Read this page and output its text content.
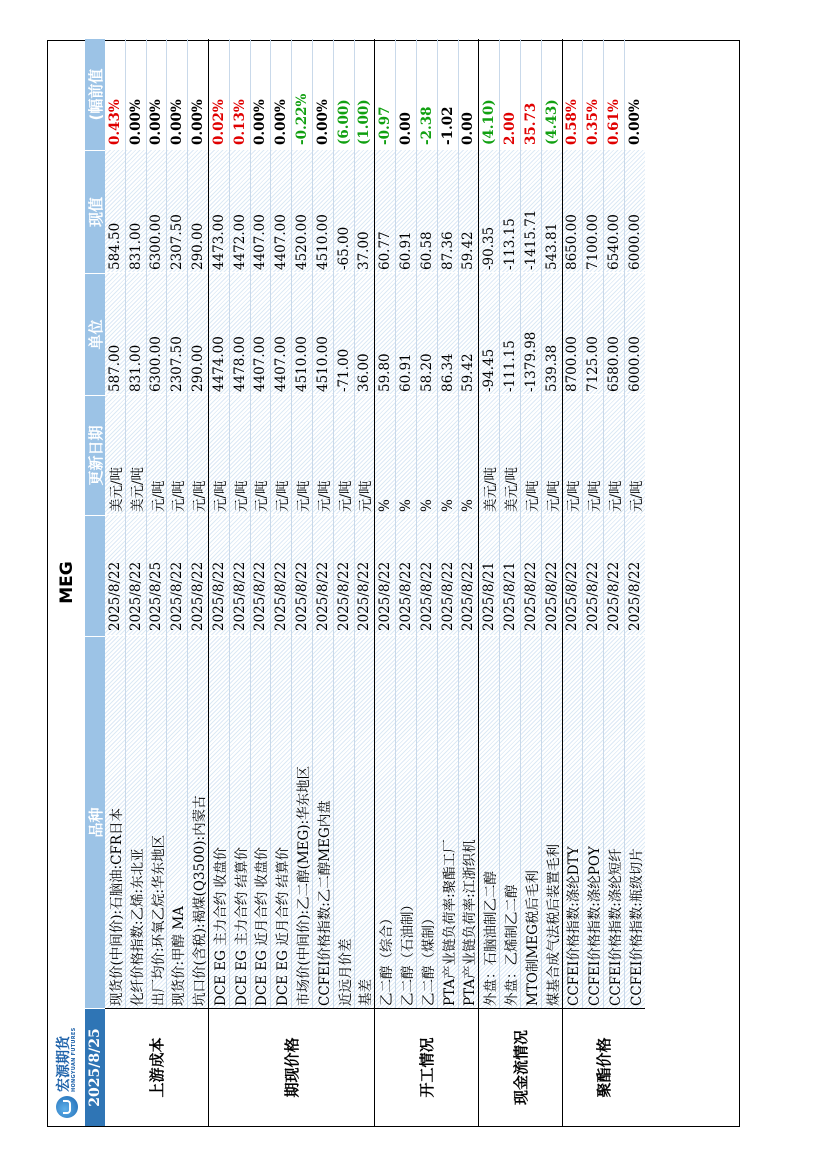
宏源期货 HONGYUAN FUTURES
MEG
2025/8/25
品种
更新日期
单位
现值
(幅前值
上游成本
现货价(中间价):石脑油:CFR日本
2025/8/22
美元/吨
587.00
584.50
0.43%
化纤价格指数:乙烯:东北亚
2025/8/22
美元/吨
831.00
831.00
0.00%
出厂均价:环氧乙烷:华东地区
2025/8/25
元/吨
6300.00
6300.00
0.00%
现货价:甲醇 MA
2025/8/22
元/吨
2307.50
2307.50
0.00%
坑口价(含税):褐煤(Q3500):内蒙古
2025/8/22
元/吨
290.00
290.00
0.00%
期现价格
DCE EG 主力合约 收盘价
2025/8/22
元/吨
4474.00
4473.00
0.02%
DCE EG 主力合约 结算价
2025/8/22
元/吨
4478.00
4472.00
0.13%
DCE EG 近月合约 收盘价
2025/8/22
元/吨
4407.00
4407.00
0.00%
DCE EG 近月合约 结算价
2025/8/22
元/吨
4407.00
4407.00
0.00%
市场价(中间价):乙二醇(MEG):华东地区
2025/8/22
元/吨
4510.00
4520.00
-0.22%
CCFEI价格指数:乙二醇MEG内盘
2025/8/22
元/吨
4510.00
4510.00
0.00%
近远月价差
2025/8/22
元/吨
-71.00
-65.00
(6.00)
基差
2025/8/22
元/吨
36.00
37.00
(1.00)
开工情况
乙二醇（综合）
2025/8/22
%
59.80
60.77
-0.97
乙二醇（石油制）
2025/8/22
%
60.91
60.91
0.00
乙二醇（煤制）
2025/8/22
%
58.20
60.58
-2.38
PTA产业链负荷率:聚酯工厂
2025/8/22
%
86.34
87.36
-1.02
PTA产业链负荷率:江浙织机
2025/8/22
%
59.42
59.42
0.00
现金流情况
外盘：石脑油制乙二醇
2025/8/21
美元/吨
-94.45
-90.35
(4.10)
外盘：乙烯制乙二醇
2025/8/21
美元/吨
-111.15
-113.15
2.00
MTO制MEG税后毛利
2025/8/22
元/吨
-1379.98
-1415.71
35.73
煤基合成气法税后装置毛利
2025/8/22
元/吨
539.38
543.81
(4.43)
聚酯价格
CCFEI价格指数:涤纶DTY
2025/8/22
元/吨
8700.00
8650.00
0.58%
CCFEI价格指数:涤纶POY
2025/8/22
元/吨
7125.00
7100.00
0.35%
CCFEI价格指数:涤纶短纤
2025/8/22
元/吨
6580.00
6540.00
0.61%
CCFEI价格指数:瓶级切片
2025/8/22
元/吨
6000.00
6000.00
0.00%
